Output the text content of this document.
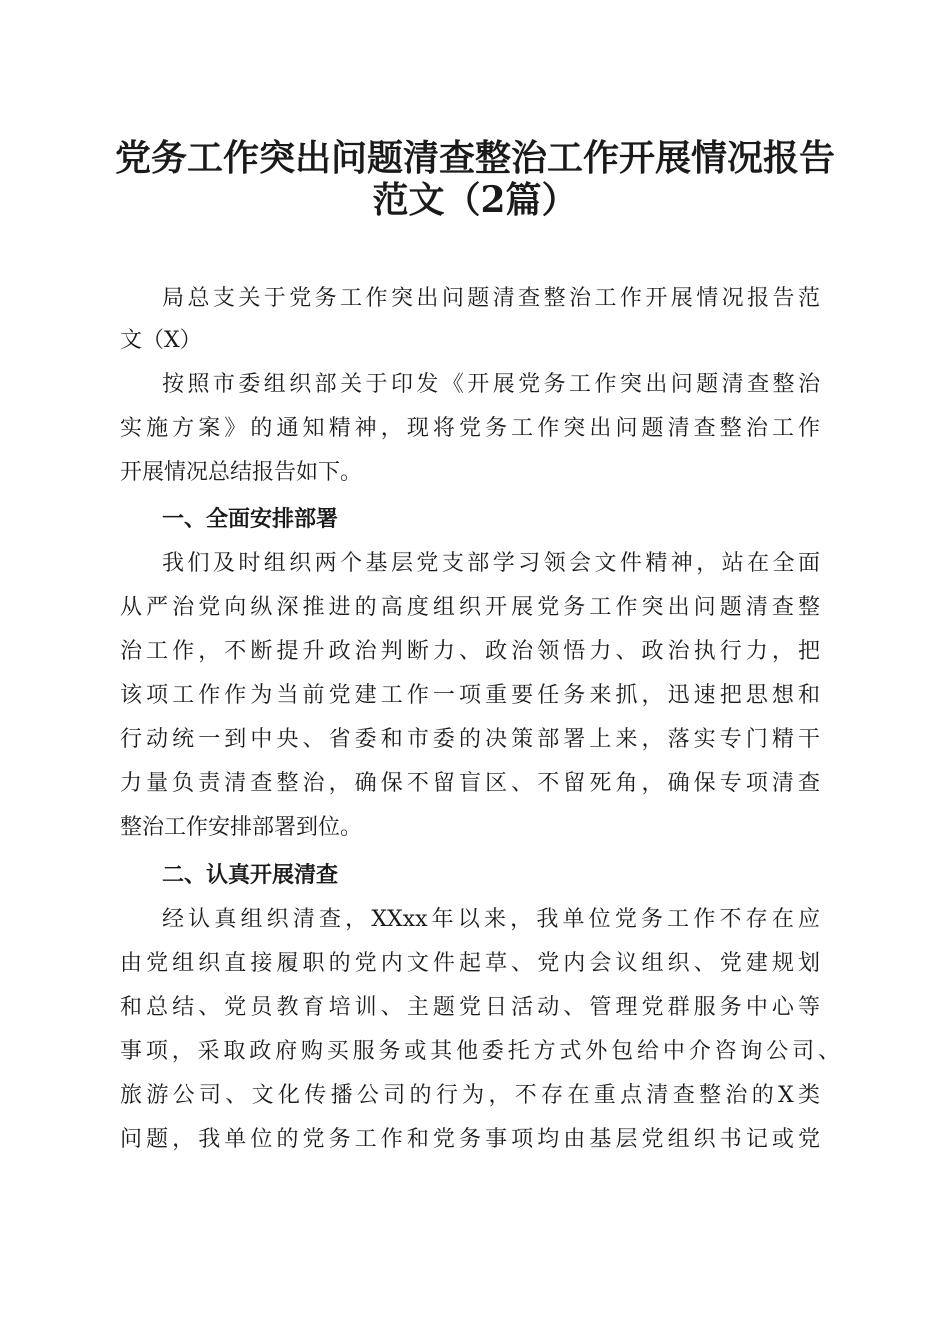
党务工作突出问题清查整治工作开展情况报告
范文（2篇）

局总支关于党务工作突出问题清查整治工作开展情况报告范

文（X）

按照市委组织部关于印发《开展党务工作突出问题清查整治

实施方案》的通知精神，现将党务工作突出问题清查整治工作

开展情况总结报告如下。

一、全面安排部署

我们及时组织两个基层党支部学习领会文件精神，站在全面

从严治党向纵深推进的高度组织开展党务工作突出问题清查整

治工作，不断提升政治判断力、政治领悟力、政治执行力，把

该项工作作为当前党建工作一项重要任务来抓，迅速把思想和

行动统一到中央、省委和市委的决策部署上来，落实专门精干

力量负责清查整治，确保不留盲区、不留死角，确保专项清查

整治工作安排部署到位。

二、认真开展清查

经认真组织清查，XXxx年以来，我单位党务工作不存在应

由党组织直接履职的党内文件起草、党内会议组织、党建规划

和总结、党员教育培训、主题党日活动、管理党群服务中心等

事项，采取政府购买服务或其他委托方式外包给中介咨询公司、

旅游公司、文化传播公司的行为，不存在重点清查整治的X类

问题，我单位的党务工作和党务事项均由基层党组织书记或党
